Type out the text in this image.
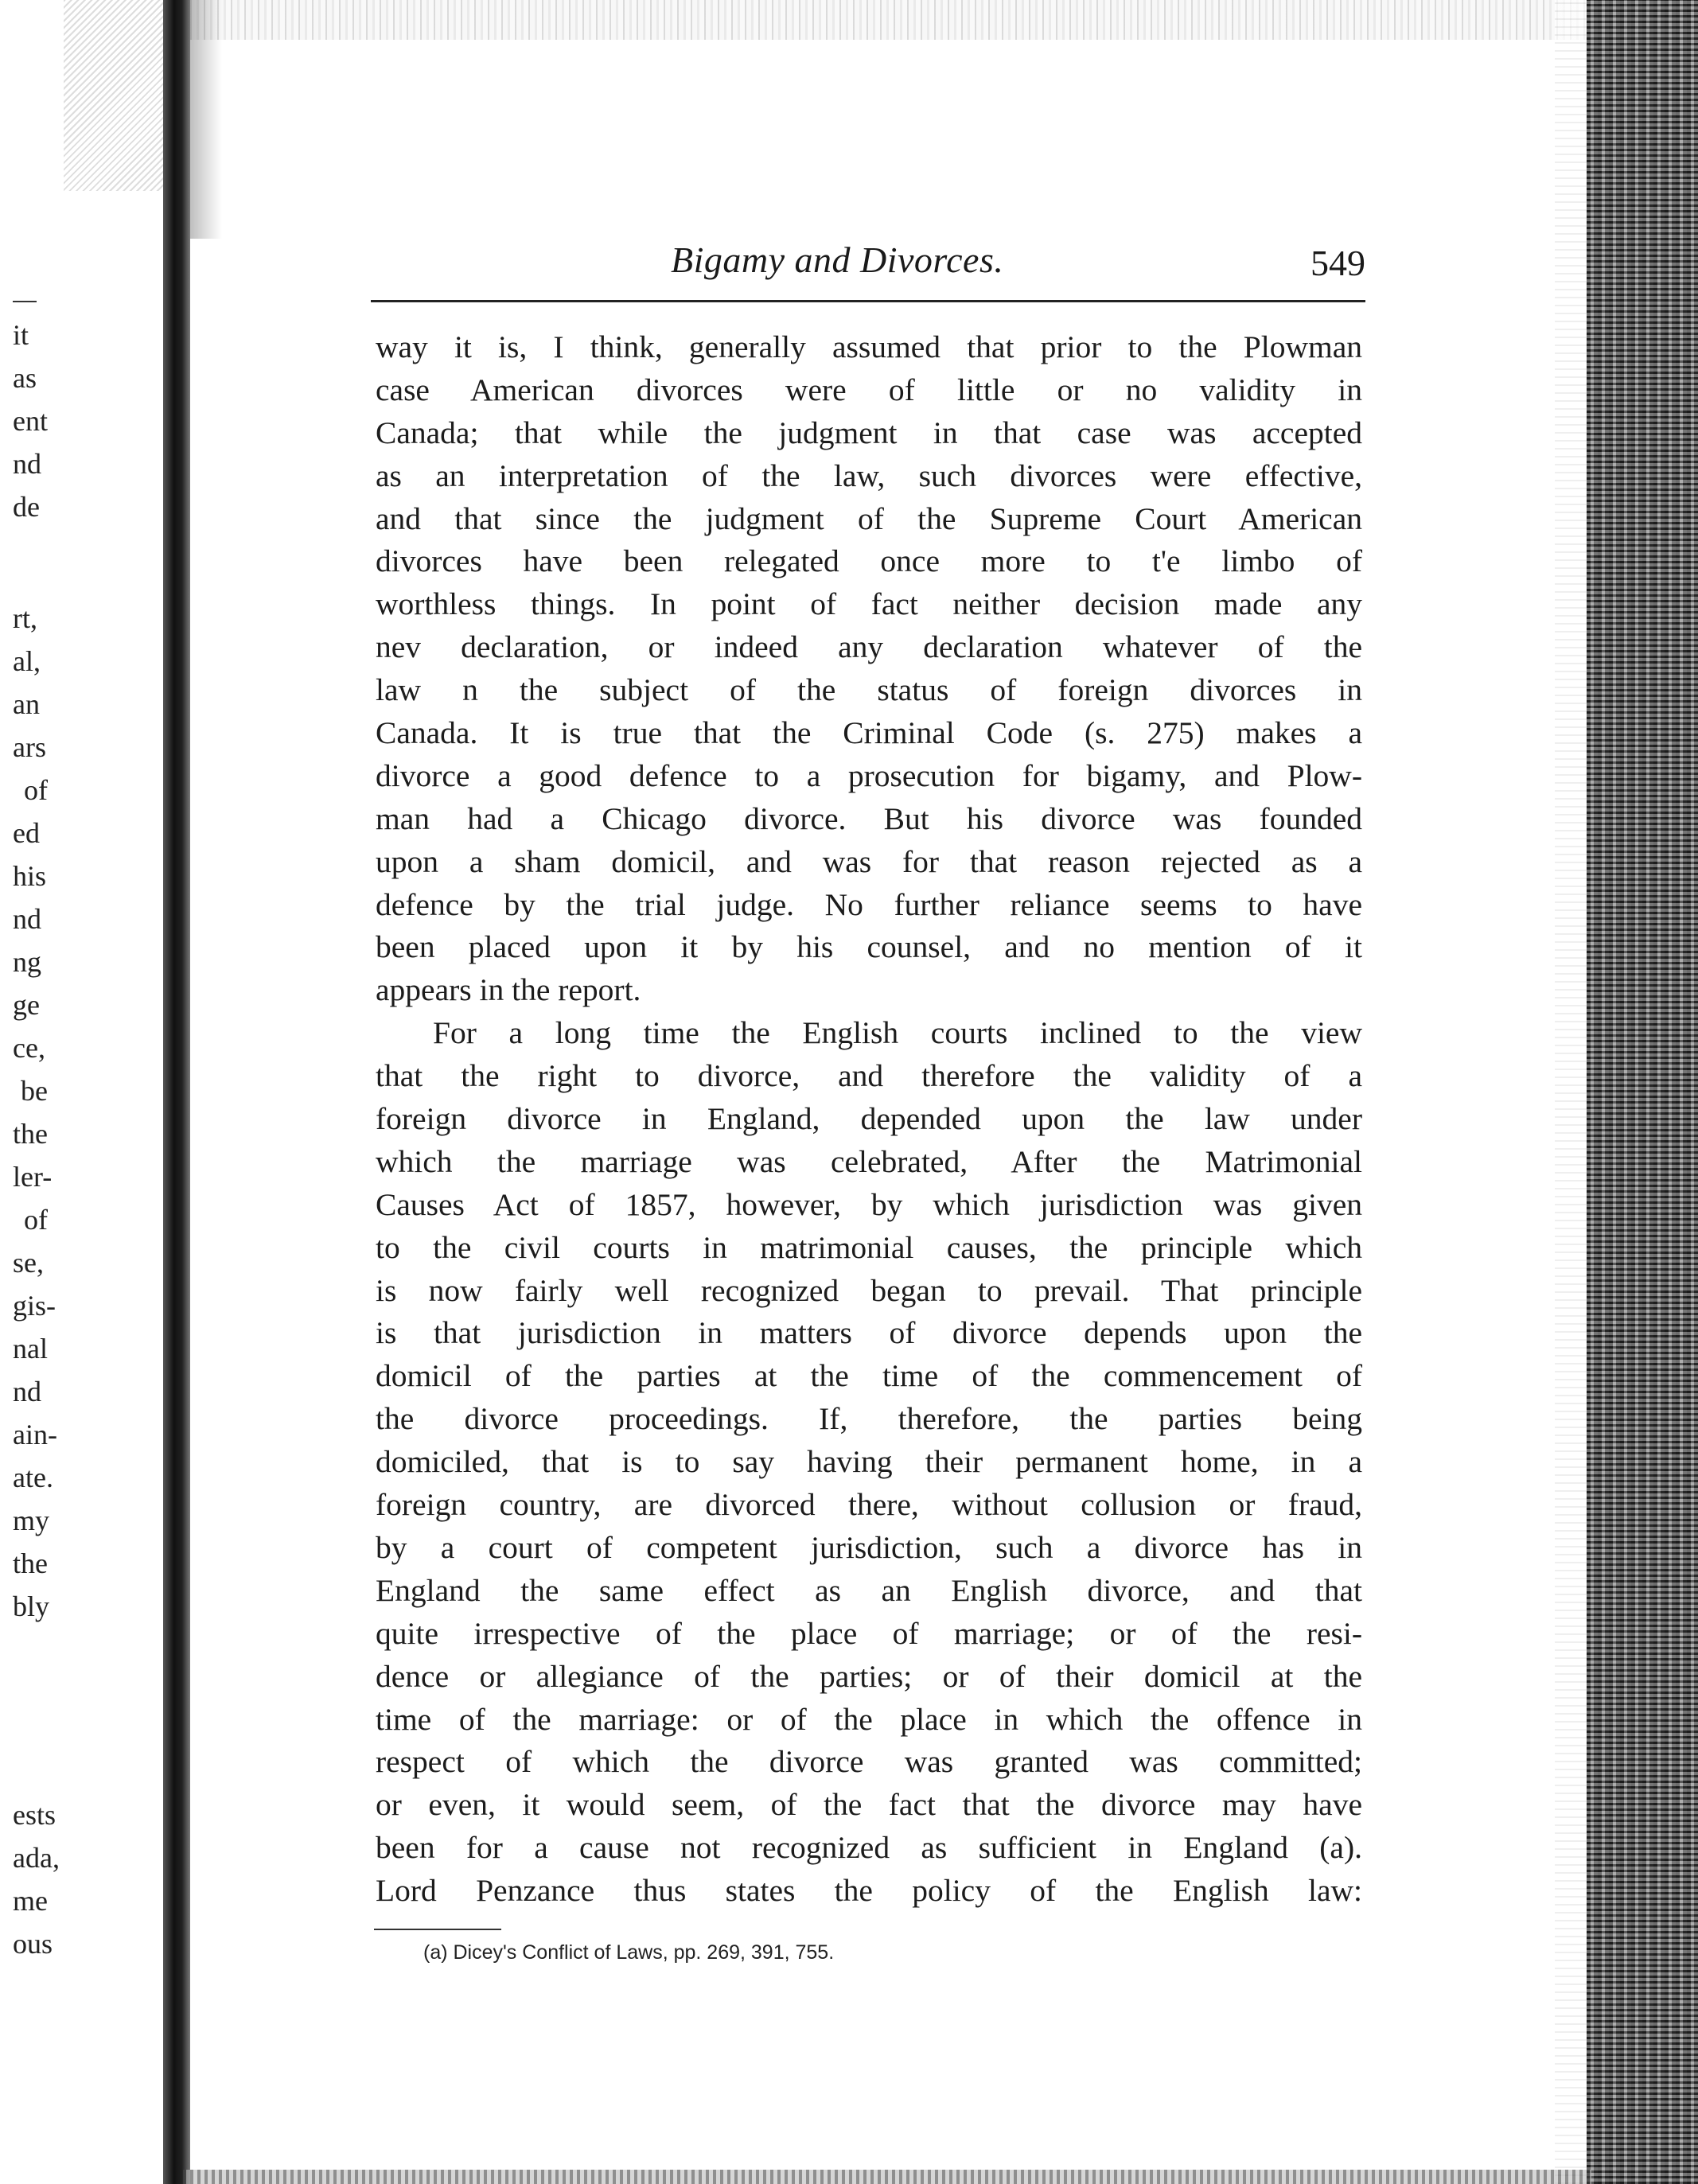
it
as
ent
nd
de
rt,
al,
an
ars
of
ed
his
nd
ng
ge
ce,
be
the
ler-
of
se,
gis-
nal
nd
ain-
ate.
my
the
bly
ests
ada,
me
ous
Bigamy and Divorces.	549
way it is, I think, generally assumed that prior to the Plowman
case American divorces were of little or no validity in
Canada; that while the judgment in that case was accepted
as an interpretation of the law, such divorces were effective,
and that since the judgment of the Supreme Court American
divorces have been relegated once more to t'e limbo of
worthless things. In point of fact neither decision made any
nev declaration, or indeed any declaration whatever of the
law n the subject of the status of foreign divorces in
Canada. It is true that the Criminal Code (s. 275) makes a
divorce a good defence to a prosecution for bigamy, and Plow-
man had a Chicago divorce. But his divorce was founded
upon a sham domicil, and was for that reason rejected as a
defence by the trial judge. No further reliance seems to have
been placed upon it by his counsel, and no mention of it
appears in the report.
For a long time the English courts inclined to the view
that the right to divorce, and therefore the validity of a
foreign divorce in England, depended upon the law under
which the marriage was celebrated, After the Matrimonial
Causes Act of 1857, however, by which jurisdiction was given
to the civil courts in matrimonial causes, the principle which
is now fairly well recognized began to prevail. That principle
is that jurisdiction in matters of divorce depends upon the
domicil of the parties at the time of the commencement of
the divorce proceedings. If, therefore, the parties being
domiciled, that is to say having their permanent home, in a
foreign country, are divorced there, without collusion or fraud,
by a court of competent jurisdiction, such a divorce has in
England the same effect as an English divorce, and that
quite irrespective of the place of marriage; or of the resi-
dence or allegiance of the parties; or of their domicil at the
time of the marriage: or of the place in which the offence in
respect of which the divorce was granted was committed;
or even, it would seem, of the fact that the divorce may have
been for a cause not recognized as sufficient in England (a).
Lord Penzance thus states the policy of the English law:
(a) Dicey's Conflict of Laws, pp. 269, 391, 755.
